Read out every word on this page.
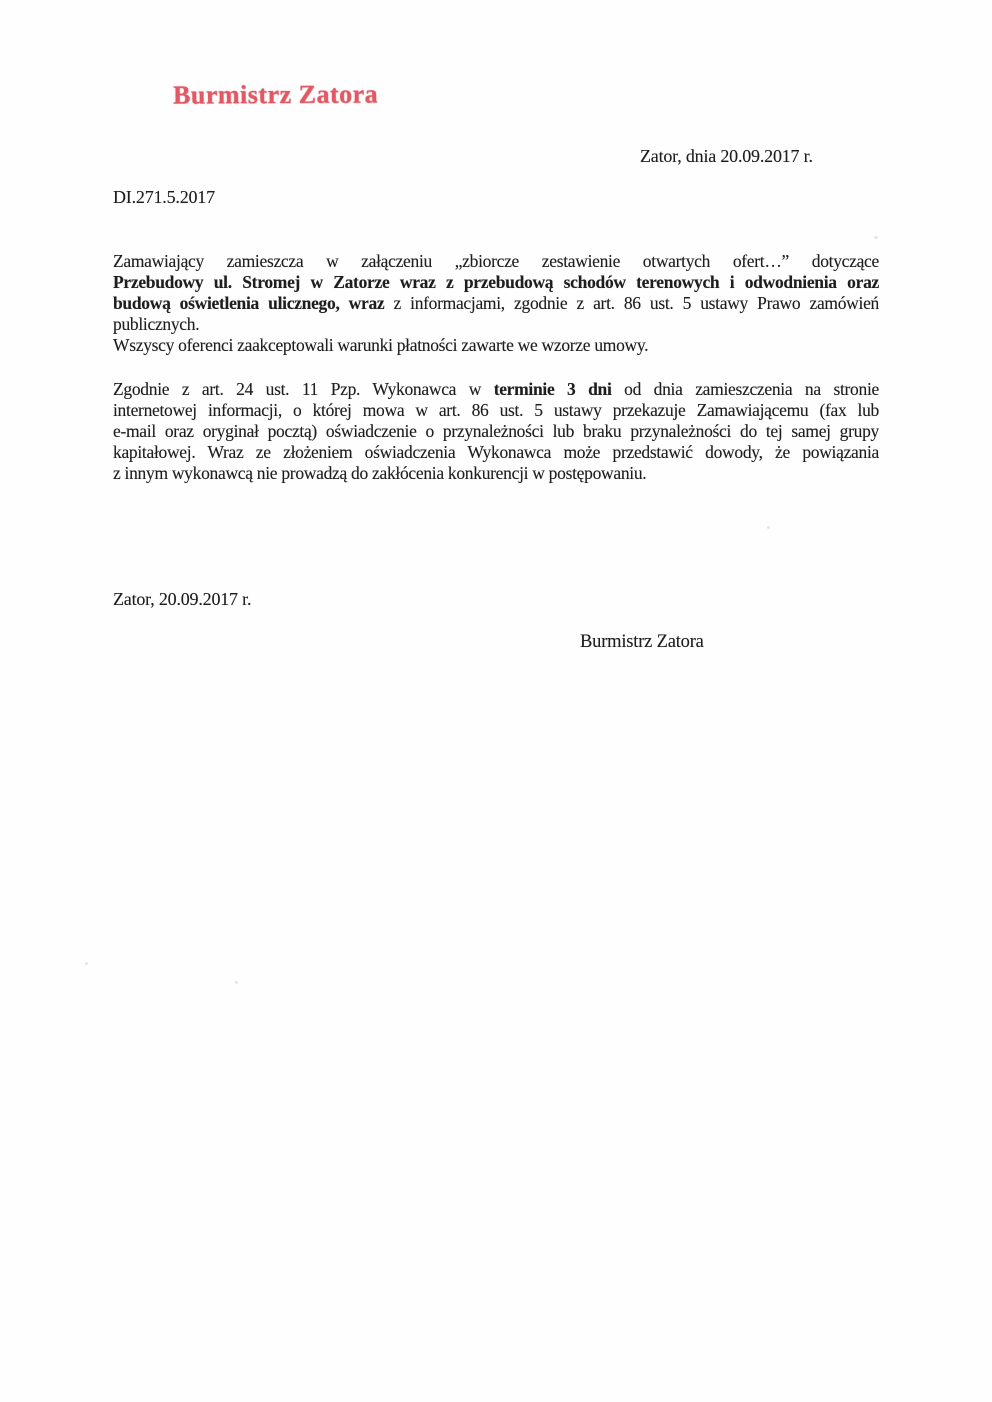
Burmistrz Zatora
Zator, dnia 20.09.2017 r.
DI.271.5.2017
Zamawiający zamieszcza w załączeniu „zbiorcze zestawienie otwartych ofert…” dotyczące
Przebudowy ul. Stromej w Zatorze wraz z przebudową schodów terenowych i odwodnienia oraz
budową oświetlenia ulicznego, wraz z informacjami, zgodnie z art. 86 ust. 5 ustawy Prawo zamówień
publicznych.
Wszyscy oferenci zaakceptowali warunki płatności zawarte we wzorze umowy.
Zgodnie z art. 24 ust. 11 Pzp. Wykonawca w terminie 3 dni od dnia zamieszczenia na stronie
internetowej informacji, o której mowa w art. 86 ust. 5 ustawy przekazuje Zamawiającemu (fax lub
e-mail oraz oryginał pocztą) oświadczenie o przynależności lub braku przynależności do tej samej grupy
kapitałowej. Wraz ze złożeniem oświadczenia Wykonawca może przedstawić dowody, że powiązania
z innym wykonawcą nie prowadzą do zakłócenia konkurencji w postępowaniu.
Zator, 20.09.2017 r.
Burmistrz Zatora
